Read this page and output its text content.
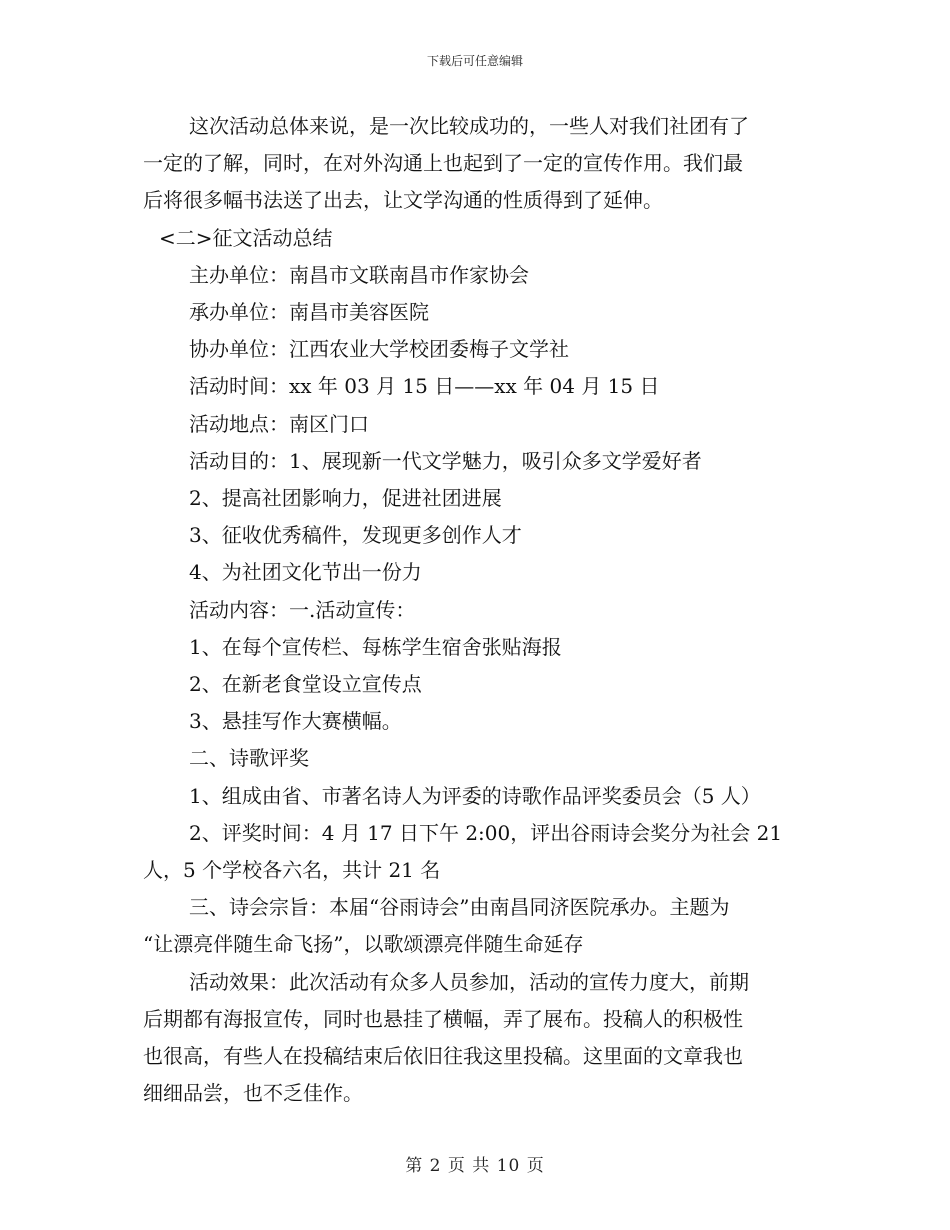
下载后可任意编辑

这次活动总体来说，是一次比较成功的，一些人对我们社团有了

一定的了解，同时，在对外沟通上也起到了一定的宣传作用。我们最

后将很多幅书法送了出去，让文学沟通的性质得到了延伸。

<二>征文活动总结

主办单位：南昌市文联南昌市作家协会

承办单位：南昌市美容医院

协办单位：江西农业大学校团委梅子文学社

活动时间：xx 年 03 月 15 日——xx 年 04 月 15 日

活动地点：南区门口

活动目的：1、展现新一代文学魅力，吸引众多文学爱好者

2、提高社团影响力，促进社团进展

3、征收优秀稿件，发现更多创作人才

4、为社团文化节出一份力

活动内容：一.活动宣传：

1、在每个宣传栏、每栋学生宿舍张贴海报

2、在新老食堂设立宣传点

3、悬挂写作大赛横幅。

二、诗歌评奖

1、组成由省、市著名诗人为评委的诗歌作品评奖委员会（5 人）

2、评奖时间：4 月 17 日下午 2:00，评出谷雨诗会奖分为社会 21

人，5 个学校各六名，共计 21 名

三、诗会宗旨：本届“谷雨诗会”由南昌同济医院承办。主题为

“让漂亮伴随生命飞扬”，以歌颂漂亮伴随生命延存

活动效果：此次活动有众多人员参加，活动的宣传力度大，前期

后期都有海报宣传，同时也悬挂了横幅，弄了展布。投稿人的积极性

也很高，有些人在投稿结束后依旧往我这里投稿。这里面的文章我也

细细品尝，也不乏佳作。

第 2 页 共 10 页
